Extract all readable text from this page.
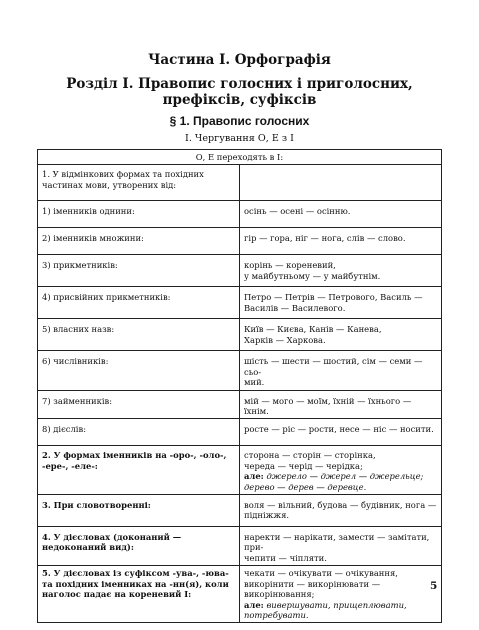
Частина I. Орфографія
Розділ I. Правопис голосних і приголосних, префіксів, суфіксів
§ 1. Правопис голосних
I. Чергування О, Е з І
О, Е переходять в І:	
1. У відмінкових формах та похідних частинах мови, утворених від:	
1) іменників однини:	осінь — осені — осінню.
2) іменників множини:	гір — гора, ніг — нога, слів — слово.
3) прикметників:	корінь — кореневий,
у майбутньому — у майбутнім.

4) присвійних прикметників:	Петро — Петрів — Петрового, Василь —
Василів — Василевого.

5) власних назв:	Київ — Києва, Канів — Канева,
Харків — Харкова.

6) числівників:	шість — шести — шостий, сім — семи — сьо-
мий.

7) займенників:	мій — мого — моїм, їхній — їхнього — їхнім.
8) дієслів:	росте — ріс — рости, несе — ніс — носити.
2. У формах іменників на -оро-, -оло-, -ере-, -еле-:	сторона — сторін — сторінка,
череда — черід — черідка;
але: джерело — джерел — джерельце;
дерево — дерев — деревце.

3. При словотворенні:	воля — вільний, будова — будівник, нога —
підніжжя.

4. У дієсловах (доконаний — недоконаний вид):	наректи — нарікати, замести — замітати, при-
чепити — чіпляти.

5. У дієсловах із суфіксом -ува-, -юва- та похідних іменниках на -нн(я), коли наголос падає на кореневий І:	чекати — очікувати — очікування,
викорінити — викорінювати —
викорінювання;
але: вивершувати, прищеплювати,
потребувати.
5
